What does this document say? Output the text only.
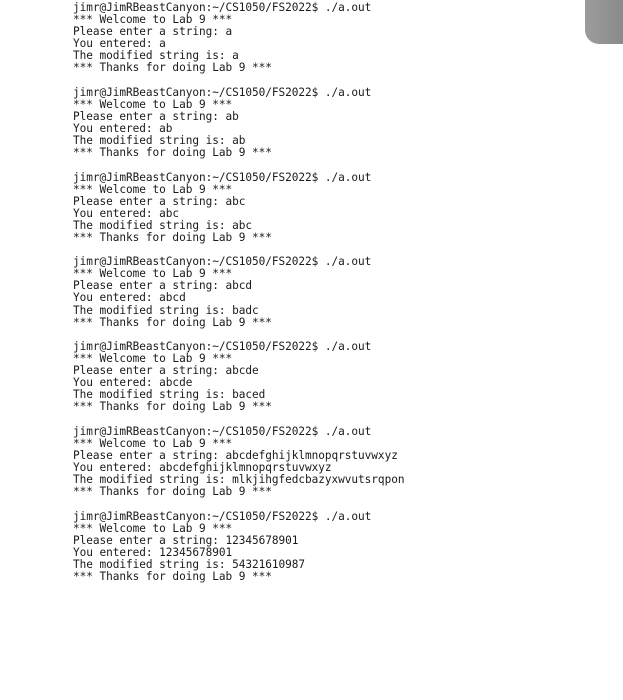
jimr@JimRBeastCanyon:~/CS1050/FS2022$ ./a.out
*** Welcome to Lab 9 ***
Please enter a string: a
You entered: a
The modified string is: a
*** Thanks for doing Lab 9 ***
jimr@JimRBeastCanyon:~/CS1050/FS2022$ ./a.out
*** Welcome to Lab 9 ***
Please enter a string: ab
You entered: ab
The modified string is: ab
*** Thanks for doing Lab 9 ***
jimr@JimRBeastCanyon:~/CS1050/FS2022$ ./a.out
*** Welcome to Lab 9 ***
Please enter a string: abc
You entered: abc
The modified string is: abc
*** Thanks for doing Lab 9 ***
jimr@JimRBeastCanyon:~/CS1050/FS2022$ ./a.out
*** Welcome to Lab 9 ***
Please enter a string: abcd
You entered: abcd
The modified string is: badc
*** Thanks for doing Lab 9 ***
jimr@JimRBeastCanyon:~/CS1050/FS2022$ ./a.out
*** Welcome to Lab 9 ***
Please enter a string: abcde
You entered: abcde
The modified string is: baced
*** Thanks for doing Lab 9 ***
jimr@JimRBeastCanyon:~/CS1050/FS2022$ ./a.out
*** Welcome to Lab 9 ***
Please enter a string: abcdefghijklmnopqrstuvwxyz
You entered: abcdefghijklmnopqrstuvwxyz
The modified string is: mlkjihgfedcbazyxwvutsrqpon
*** Thanks for doing Lab 9 ***
jimr@JimRBeastCanyon:~/CS1050/FS2022$ ./a.out
*** Welcome to Lab 9 ***
Please enter a string: 12345678901
You entered: 12345678901
The modified string is: 54321610987
*** Thanks for doing Lab 9 ***
